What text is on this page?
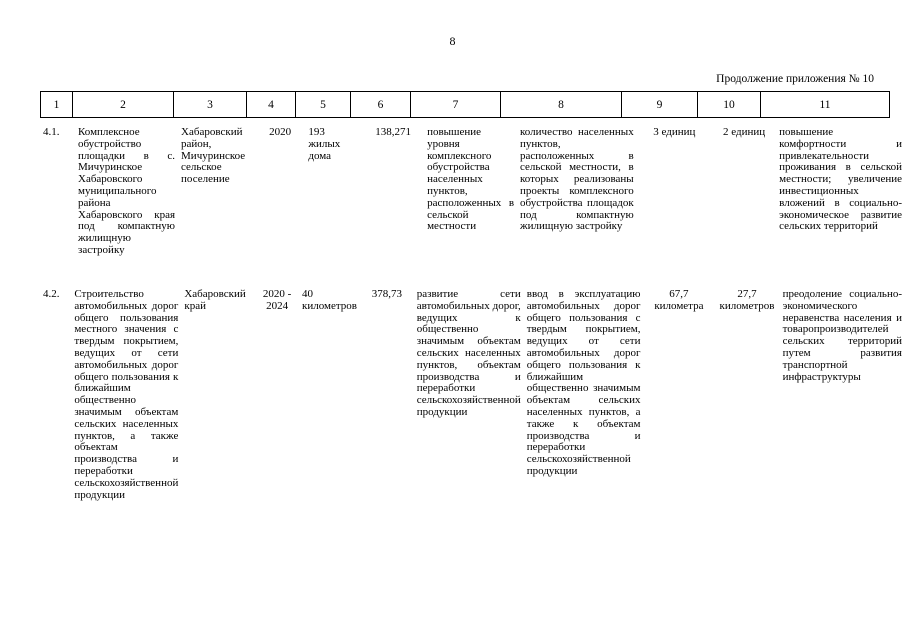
8
Продолжение приложения № 10
1	2	3	4	5	6	7	8	9	10	11
4.1.	Комплексное обустройство площадки в с. Мичуринское Хабаровского муниципального района Хабаровского края под компактную жилищную застройку	Хабаровский район, Мичуринское сельское поселение	2020	193 жилых дома	138,271	повышение уровня комплексного обустройства населенных пунктов, расположенных в сельской местности	количество населенных пунктов, расположенных в сельской местности, в которых реализованы проекты комплексного обустройства площадок под компактную жилищную застройку	3 единиц	2 единиц	повышение комфортности и привлекательности проживания в сельской местности; увеличение инвестиционных вложений в социально-экономическое развитие сельских территорий
4.2.	Строительство автомобильных дорог общего пользования местного значения с твердым покрытием, ведущих от сети автомобильных дорог общего пользования к ближайшим общественно значимым объектам сельских населенных пунктов, а также объектам производства и переработки сельскохозяйственной продукции	Хабаровский край	2020 - 2024	40 километров	378,73	развитие сети автомобильных дорог, ведущих к общественно значимым объектам сельских населенных пунктов, объектам производства и переработки сельскохозяйственной продукции	ввод в эксплуатацию автомобильных дорог общего пользования с твердым покрытием, ведущих от сети автомобильных дорог общего пользования к ближайшим общественно значимым объектам сельских населенных пунктов, а также к объектам производства и переработки сельскохозяйственной продукции	67,7 километра	27,7 километров	преодоление социально-экономического неравенства населения и товаропроизводителей сельских территорий путем развития транспортной инфраструктуры
